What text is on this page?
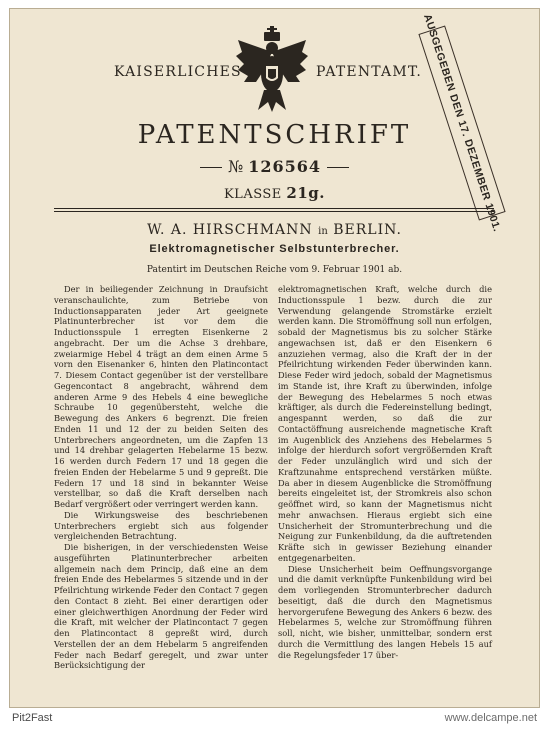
KAISERLICHES	PATENTAMT. AUSGEGEBEN DEN 17. DEZEMBER 1901.
PATENTSCHRIFT
№ 126564
KLASSE 21g.
W. A. HIRSCHMANN in BERLIN.
Elektromagnetischer Selbstunterbrecher.
Patentirt im Deutschen Reiche vom 9. Februar 1901 ab.

Der in beiliegender Zeichnung in Draufsicht veranschaulichte, zum Betriebe von Inductionsapparaten jeder Art geeignete Platinunterbrecher ist vor dem die Inductionsspule 1 erregten Eisenkerne 2 angebracht. Der um die Achse 3 drehbare, zweiarmige Hebel 4 trägt an dem einen Arme 5 vorn den Eisenanker 6, hinten den Platincontact 7. Diesem Contact gegenüber ist der verstellbare Gegencontact 8 angebracht, während dem anderen Arme 9 des Hebels 4 eine bewegliche Schraube 10 gegenübersteht, welche die Bewegung des Ankers 6 begrenzt. Die freien Enden 11 und 12 der zu beiden Seiten des Unterbrechers angeordneten, um die Zapfen 13 und 14 drehbar gelagerten Hebelarme 15 bezw. 16 werden durch Federn 17 und 18 gegen die freien Enden der Hebelarme 5 und 9 gepreßt. Die Federn 17 und 18 sind in bekannter Weise verstellbar, so daß die Kraft derselben nach Bedarf vergrößert oder verringert werden kann.

Die Wirkungsweise des beschriebenen Unterbrechers ergiebt sich aus folgender vergleichenden Betrachtung.

Die bisherigen, in der verschiedensten Weise ausgeführten Platinunterbrecher arbeiten allgemein nach dem Princip, daß eine an dem freien Ende des Hebelarmes 5 sitzende und in der Pfeilrichtung wirkende Feder den Contact 7 gegen den Contact 8 zieht. Bei einer derartigen oder einer gleichwerthigen Anordnung der Feder wird die Kraft, mit welcher der Platincontact 7 gegen den Platincontact 8 gepreßt wird, durch Verstellen der an dem Hebelarm 5 angreifenden Feder nach Bedarf geregelt, und zwar unter Berücksichtigung der

elektromagnetischen Kraft, welche durch die Inductionsspule 1 bezw. durch die zur Verwendung gelangende Stromstärke erzielt werden kann. Die Stromöffnung soll nun erfolgen, sobald der Magnetismus bis zu solcher Stärke angewachsen ist, daß er den Eisenkern 6 anzuziehen vermag, also die Kraft der in der Pfeilrichtung wirkenden Feder überwinden kann. Diese Feder wird jedoch, sobald der Magnetismus im Stande ist, ihre Kraft zu überwinden, infolge der Bewegung des Hebelarmes 5 noch etwas kräftiger, als durch die Federeinstellung bedingt, angespannt werden, so daß die zur Contactöffnung ausreichende magnetische Kraft im Augenblick des Anziehens des Hebelarmes 5 infolge der hierdurch sofort vergrößernden Kraft der Feder unzulänglich wird und sich der Kraftzunahme entsprechend verstärken müßte. Da aber in diesem Augenblicke die Stromöffnung bereits eingeleitet ist, der Stromkreis also schon geöffnet wird, so kann der Magnetismus nicht mehr anwachsen. Hieraus ergiebt sich eine Unsicherheit der Stromunterbrechung und die Neigung zur Funkenbildung, da die auftretenden Kräfte sich in gewisser Beziehung einander entgegenarbeiten.

Diese Unsicherheit beim Oeffnungsvorgange und die damit verknüpfte Funkenbildung wird bei dem vorliegenden Stromunterbrecher dadurch beseitigt, daß die durch den Magnetismus hervorgerufene Bewegung des Ankers 6 bezw. des Hebelarmes 5, welche zur Stromöffnung führen soll, nicht, wie bisher, unmittelbar, sondern erst durch die Vermittlung des langen Hebels 15 auf die Regelungsfeder 17 über-

Pit2Fast	www.delcampe.net
